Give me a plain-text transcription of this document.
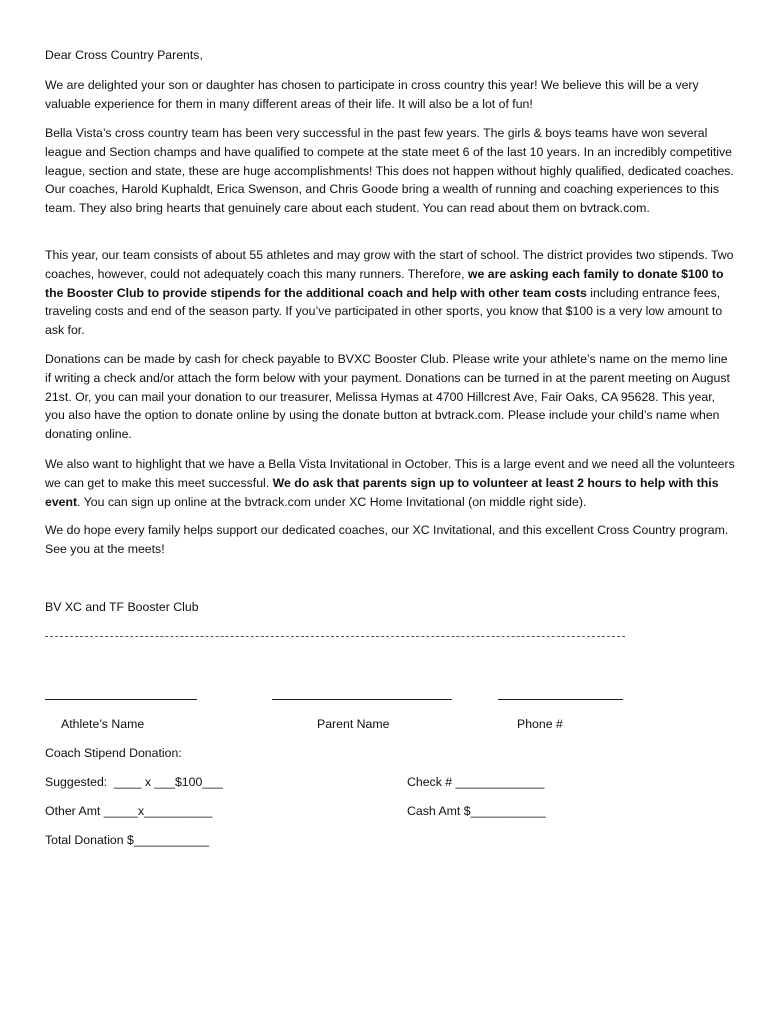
Dear Cross Country Parents,

We are delighted your son or daughter has chosen to participate in cross country this year! We believe this will be a very valuable experience for them in many different areas of their life. It will also be a lot of fun!

Bella Vista’s cross country team has been very successful in the past few years. The girls & boys teams have won several league and Section champs and have qualified to compete at the state meet 6 of the last 10 years. In an incredibly competitive league, section and state, these are huge accomplishments! This does not happen without highly qualified, dedicated coaches. Our coaches, Harold Kuphaldt, Erica Swenson, and Chris Goode bring a wealth of running and coaching experiences to this team. They also bring hearts that genuinely care about each student. You can read about them on bvtrack.com.

This year, our team consists of about 55 athletes and may grow with the start of school. The district provides two stipends. Two coaches, however, could not adequately coach this many runners. Therefore, we are asking each family to donate $100 to the Booster Club to provide stipends for the additional coach and help with other team costs including entrance fees, traveling costs and end of the season party. If you’ve participated in other sports, you know that $100 is a very low amount to ask for.

Donations can be made by cash for check payable to BVXC Booster Club. Please write your athlete’s name on the memo line if writing a check and/or attach the form below with your payment. Donations can be turned in at the parent meeting on August 21st. Or, you can mail your donation to our treasurer, Melissa Hymas at 4700 Hillcrest Ave, Fair Oaks, CA 95628. This year, you also have the option to donate online by using the donate button at bvtrack.com. Please include your child’s name when donating online.

We also want to highlight that we have a Bella Vista Invitational in October. This is a large event and we need all the volunteers we can get to make this meet successful. We do ask that parents sign up to volunteer at least 2 hours to help with this event. You can sign up online at the bvtrack.com under XC Home Invitational (on middle right side).

We do hope every family helps support our dedicated coaches, our XC Invitational, and this excellent Cross Country program. See you at the meets!

BV XC and TF Booster Club

Athlete’s Name	Parent Name	Phone #
Coach Stipend Donation:
Suggested: ____ x ___$100___	Check # _____________
Other Amt _____x__________	Cash Amt $___________
Total Donation $___________
